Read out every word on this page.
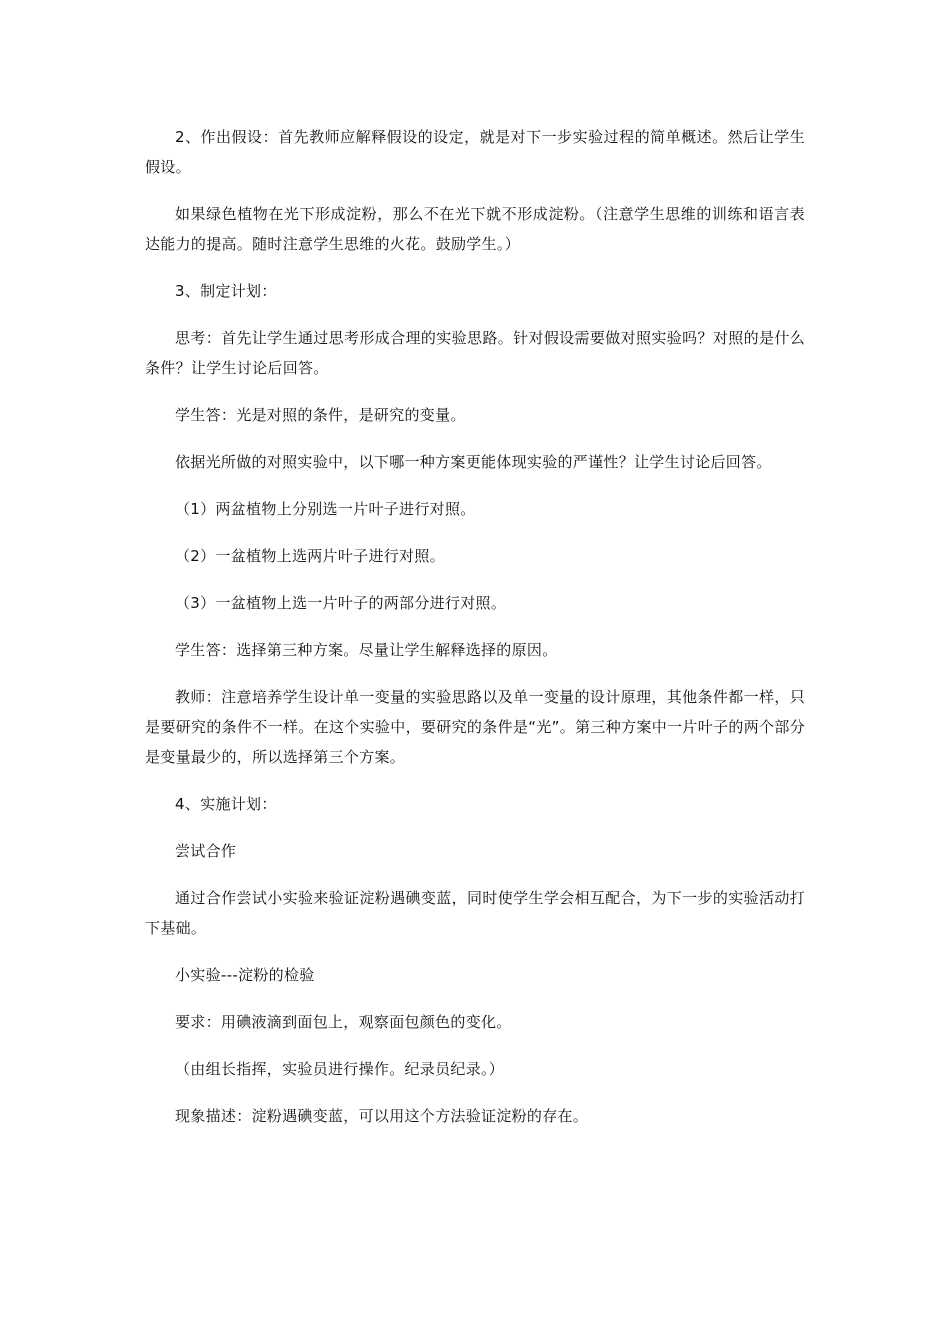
2、作出假设：首先教师应解释假设的设定，就是对下一步实验过程的简单概述。然后让学生假设。

如果绿色植物在光下形成淀粉，那么不在光下就不形成淀粉。（注意学生思维的训练和语言表达能力的提高。随时注意学生思维的火花。鼓励学生。）

3、制定计划：

思考：首先让学生通过思考形成合理的实验思路。针对假设需要做对照实验吗？对照的是什么条件？让学生讨论后回答。

学生答：光是对照的条件，是研究的变量。

依据光所做的对照实验中，以下哪一种方案更能体现实验的严谨性？让学生讨论后回答。

（1）两盆植物上分别选一片叶子进行对照。

（2）一盆植物上选两片叶子进行对照。

（3）一盆植物上选一片叶子的两部分进行对照。

学生答：选择第三种方案。尽量让学生解释选择的原因。

教师：注意培养学生设计单一变量的实验思路以及单一变量的设计原理，其他条件都一样，只是要研究的条件不一样。在这个实验中，要研究的条件是“光”。第三种方案中一片叶子的两个部分是变量最少的，所以选择第三个方案。

4、实施计划：

尝试合作

通过合作尝试小实验来验证淀粉遇碘变蓝，同时使学生学会相互配合，为下一步的实验活动打下基础。

小实验---淀粉的检验

要求：用碘液滴到面包上，观察面包颜色的变化。

（由组长指挥，实验员进行操作。纪录员纪录。）

现象描述：淀粉遇碘变蓝，可以用这个方法验证淀粉的存在。
